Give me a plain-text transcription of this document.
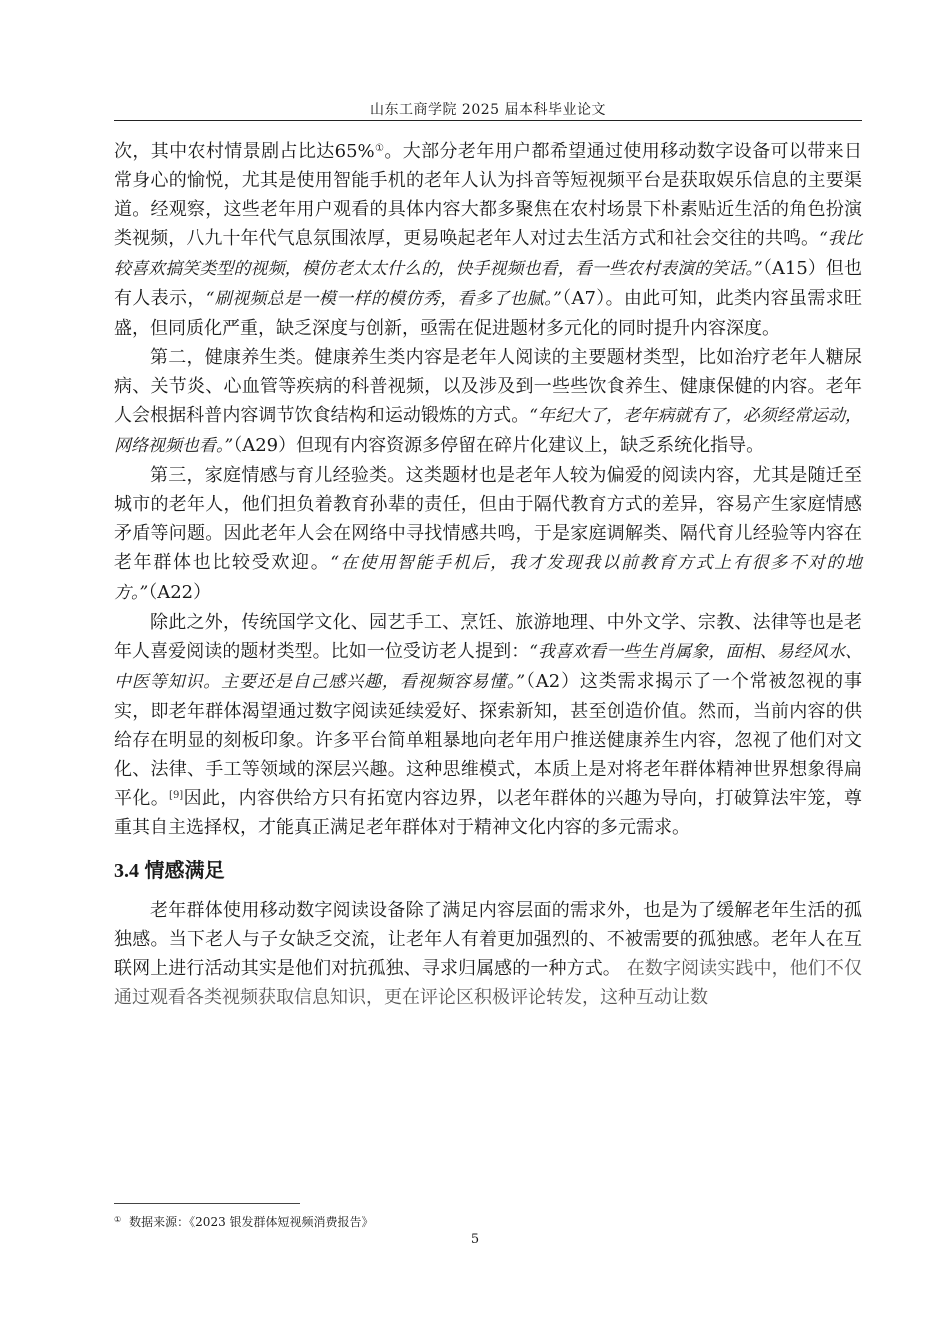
山东工商学院 2025 届本科毕业论文

次，其中农村情景剧占比达65%①。大部分老年用户都希望通过使用移动数字设备可以带来日常身心的愉悦，尤其是使用智能手机的老年人认为抖音等短视频平台是获取娱乐信息的主要渠道。经观察，这些老年用户观看的具体内容大都多聚焦在农村场景下朴素贴近生活的角色扮演类视频，八九十年代气息氛围浓厚，更易唤起老年人对过去生活方式和社会交往的共鸣。“我比较喜欢搞笑类型的视频，模仿老太太什么的，快手视频也看，看一些农村表演的笑话。”（A15）但也有人表示，“刷视频总是一模一样的模仿秀，看多了也腻。”（A7）。由此可知，此类内容虽需求旺盛，但同质化严重，缺乏深度与创新，亟需在促进题材多元化的同时提升内容深度。

第二，健康养生类。健康养生类内容是老年人阅读的主要题材类型，比如治疗老年人糖尿病、关节炎、心血管等疾病的科普视频，以及涉及到一些些饮食养生、健康保健的内容。老年人会根据科普内容调节饮食结构和运动锻炼的方式。“年纪大了，老年病就有了，必须经常运动，网络视频也看。”（A29）但现有内容资源多停留在碎片化建议上，缺乏系统化指导。

第三，家庭情感与育儿经验类。这类题材也是老年人较为偏爱的阅读内容，尤其是随迁至城市的老年人，他们担负着教育孙辈的责任，但由于隔代教育方式的差异，容易产生家庭情感矛盾等问题。因此老年人会在网络中寻找情感共鸣，于是家庭调解类、隔代育儿经验等内容在老年群体也比较受欢迎。“在使用智能手机后，我才发现我以前教育方式上有很多不对的地方。”（A22）

除此之外，传统国学文化、园艺手工、烹饪、旅游地理、中外文学、宗教、法律等也是老年人喜爱阅读的题材类型。比如一位受访老人提到：“我喜欢看一些生肖属象，面相、易经风水、中医等知识。主要还是自己感兴趣，看视频容易懂。”（A2）这类需求揭示了一个常被忽视的事实，即老年群体渴望通过数字阅读延续爱好、探索新知，甚至创造价值。然而，当前内容的供给存在明显的刻板印象。许多平台简单粗暴地向老年用户推送健康养生内容，忽视了他们对文化、法律、手工等领域的深层兴趣。这种思维模式，本质上是对将老年群体精神世界想象得扁平化。[9]因此，内容供给方只有拓宽内容边界，以老年群体的兴趣为导向，打破算法牢笼，尊重其自主选择权，才能真正满足老年群体对于精神文化内容的多元需求。

3.4 情感满足

老年群体使用移动数字阅读设备除了满足内容层面的需求外，也是为了缓解老年生活的孤独感。当下老人与子女缺乏交流，让老年人有着更加强烈的、不被需要的孤独感。老年人在互联网上进行活动其实是他们对抗孤独、寻求归属感的一种方式。 在数字阅读实践中，他们不仅通过观看各类视频获取信息知识，更在评论区积极评论转发，这种互动让数

① 数据来源：《2023 银发群体短视频消费报告》
5
